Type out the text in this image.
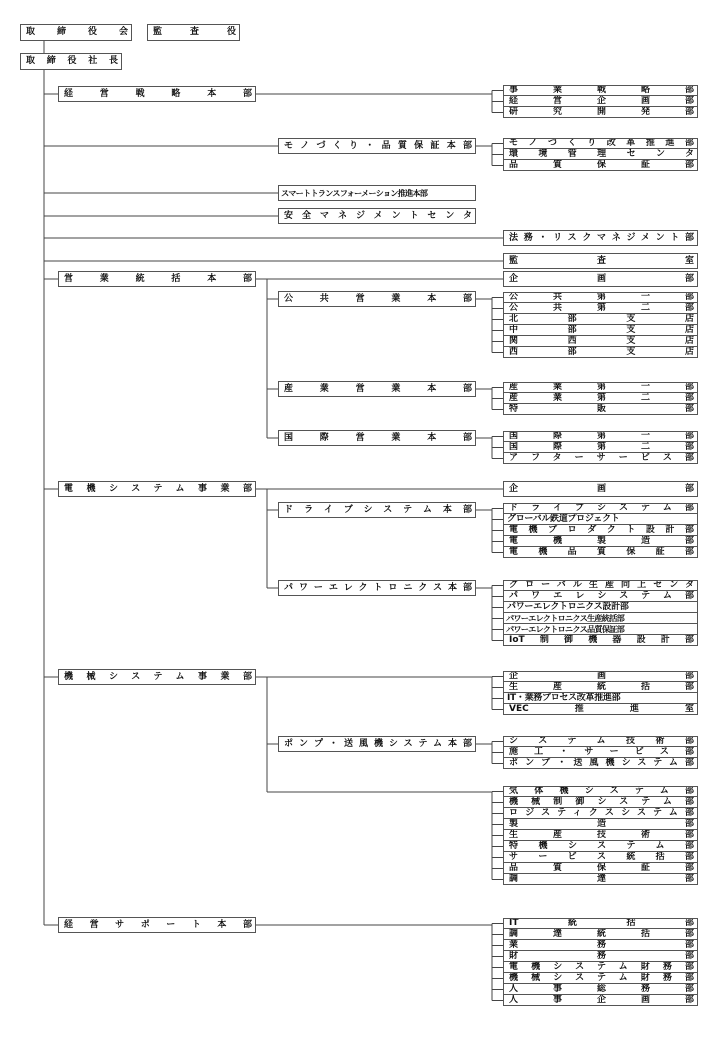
取締役会	監査役
取締役社長
経営戦略本部	事業戦略部
経営企画部
研究開発部
モノづくり・品質保証本部	モノづくり改革推進部
環境管理センタ
品質保証部
スマートトランスフォーメーション推進本部
安全マネジメントセンタ
法務・リスクマネジメント部
監査室
営業統括本部	企画部
公共営業本部	公共第一部
公共第二部
北部支店
中部支店
関西支店
西部支店
産業営業本部	産業第一部
産業第二部
特販部
国際営業本部	国際第一部
国際第二部
アフターサービス部
電機システム事業部	企画部
ドライブシステム本部	ドライブシステム部
グローバル鉄道プロジェクト
電機プロダクト設計部
電機製造部
電機品質保証部
パワーエレクトロニクス本部	グローバル生産向上センタ
パワエレシステム部
パワーエレクトロニクス設計部
パワーエレクトロニクス生産統括部
パワーエレクトロニクス品質保証部
IoT制御機器設計部
機械システム事業部	企画部
生産統括部
IT・業務プロセス改革推進部
VEC推進室
ポンプ・送風機システム本部	システム技術部
施工・サービス部
ポンプ・送風機システム部
気体機システム部
機械制御システム部
ロジスティクスシステム部
製造部
生産技術部
特機システム部
サービス統括部
品質保証部
調達部
経営サポート本部	IT統括部
調達統括部
業務部
財務部
電機システム財務部
機械システム財務部
人事総務部
人事企画部
